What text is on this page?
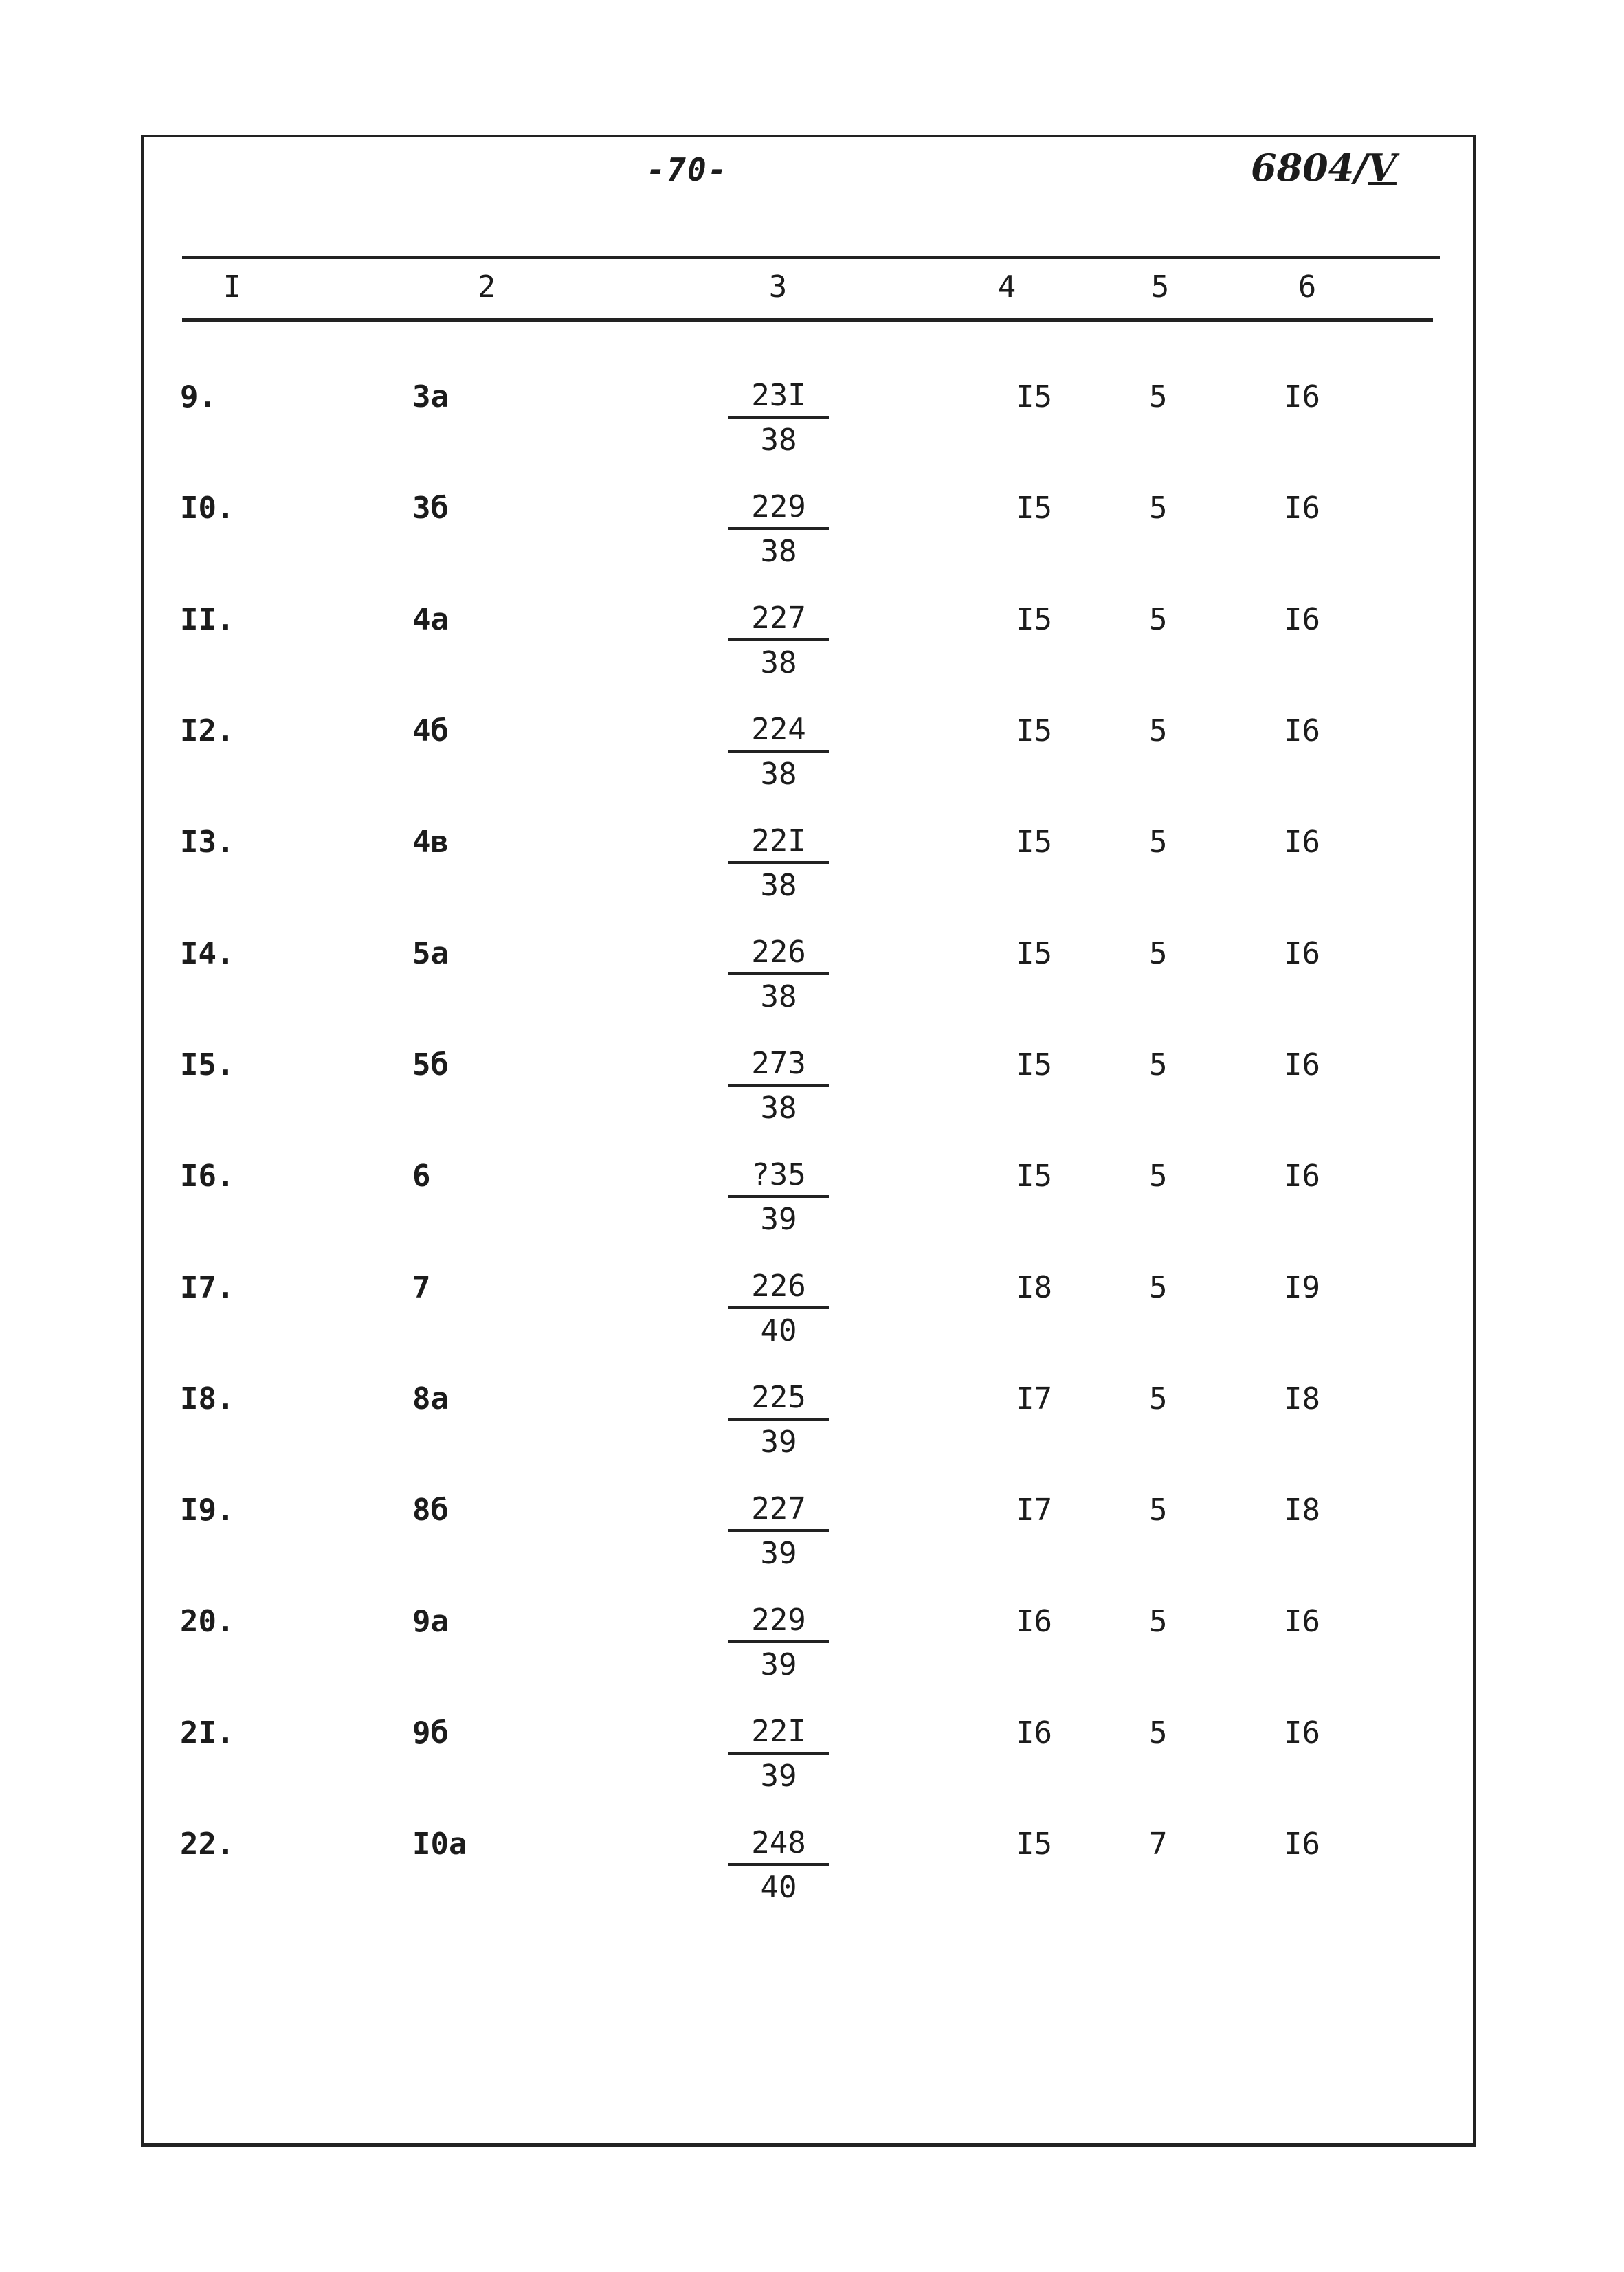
-70-	6804/V
I	2	3	4	5	6
9.	3а	$\frac{23I}{38}$	I5	5	I6
I0.	3б	$\frac{229}{38}$	I5	5	I6
II.	4а	$\frac{227}{38}$	I5	5	I6
I2.	4б	$\frac{224}{38}$	I5	5	I6
I3.	4в	$\frac{22I}{38}$	I5	5	I6
I4.	5а	$\frac{226}{38}$	I5	5	I6
I5.	5б	$\frac{273}{38}$	I5	5	I6
I6.	6	$\frac{?35}{39}$	I5	5	I6
I7.	7	$\frac{226}{40}$	I8	5	I9
I8.	8а	$\frac{225}{39}$	I7	5	I8
I9.	8б	$\frac{227}{39}$	I7	5	I8
20.	9а	$\frac{229}{39}$	I6	5	I6
2I.	9б	$\frac{22I}{39}$	I6	5	I6
22.	I0а	$\frac{248}{40}$	I5	7	I6
